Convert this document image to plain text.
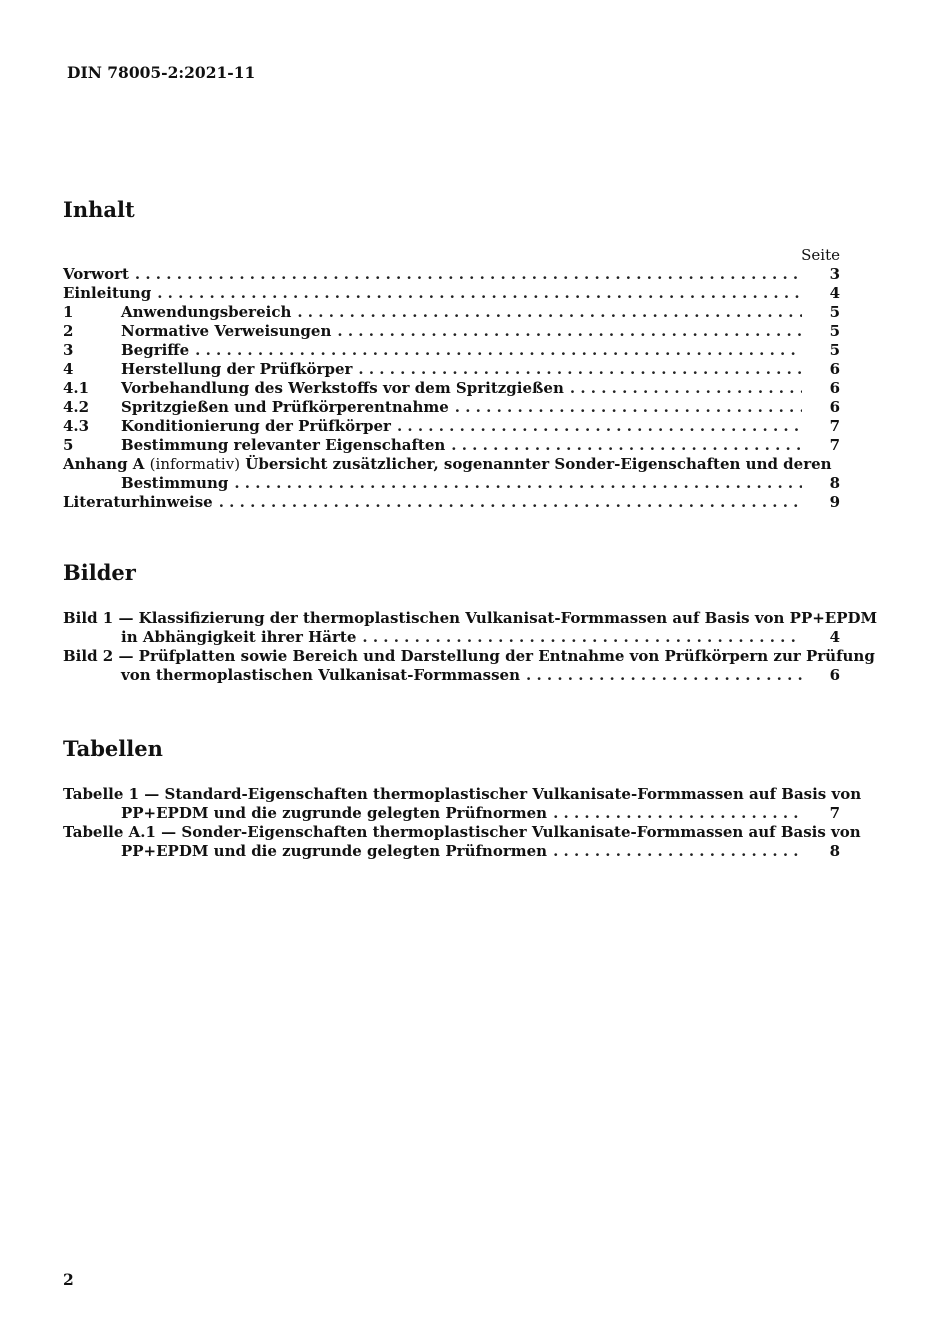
DIN 78005-2:2021-11
Inhalt
Seite
Vorwort . . .	3
Einleitung . . .	4
1	Anwendungsbereich . . .	5
2	Normative Verweisungen . . .	5
3	Begriffe . . .	5
4	Herstellung der Prüfkörper . . .	6
4.1	Vorbehandlung des Werkstoffs vor dem Spritzgießen . . .	6
4.2	Spritzgießen und Prüfkörperentnahme . . .	6
4.3	Konditionierung der Prüfkörper . . .	7
5	Bestimmung relevanter Eigenschaften . . .	7
Anhang A (informativ) Übersicht zusätzlicher, sogenannter Sonder-Eigenschaften und deren
Bestimmung . . .	8
Literaturhinweise . . .	9
Bilder
Bild 1 — Klassifizierung der thermoplastischen Vulkanisat-Formmassen auf Basis von PP+EPDM
in Abhängigkeit ihrer Härte . . .	4
Bild 2 — Prüfplatten sowie Bereich und Darstellung der Entnahme von Prüfkörpern zur Prüfung
von thermoplastischen Vulkanisat-Formmassen . . .	6
Tabellen
Tabelle 1 — Standard-Eigenschaften thermoplastischer Vulkanisate-Formmassen auf Basis von
PP+EPDM und die zugrunde gelegten Prüfnormen . . .	7
Tabelle A.1 — Sonder-Eigenschaften thermoplastischer Vulkanisate-Formmassen auf Basis von
PP+EPDM und die zugrunde gelegten Prüfnormen . . .	8
2
